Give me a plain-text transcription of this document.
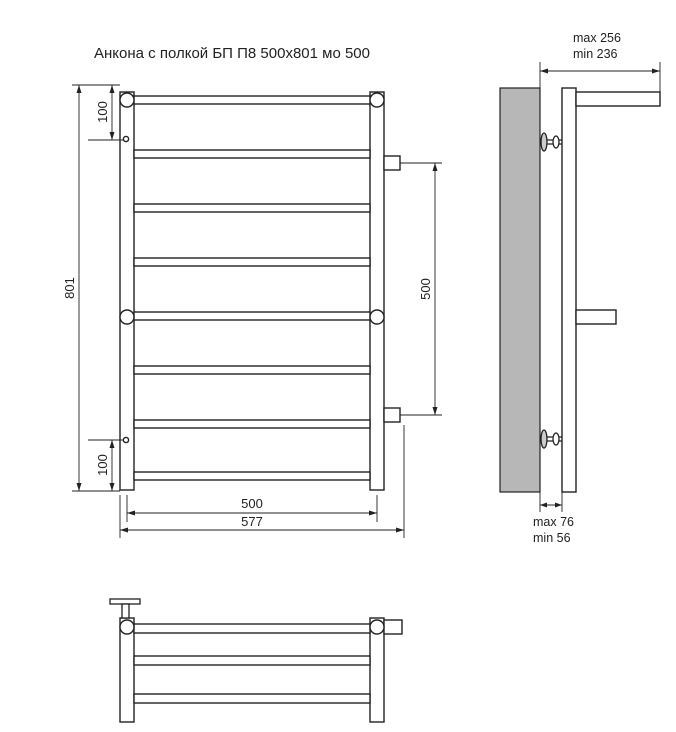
Анкона с полкой БП П8 500х801 мо 500
801
100
100
500
500
577
max 256
min 236
max 76
min 56
